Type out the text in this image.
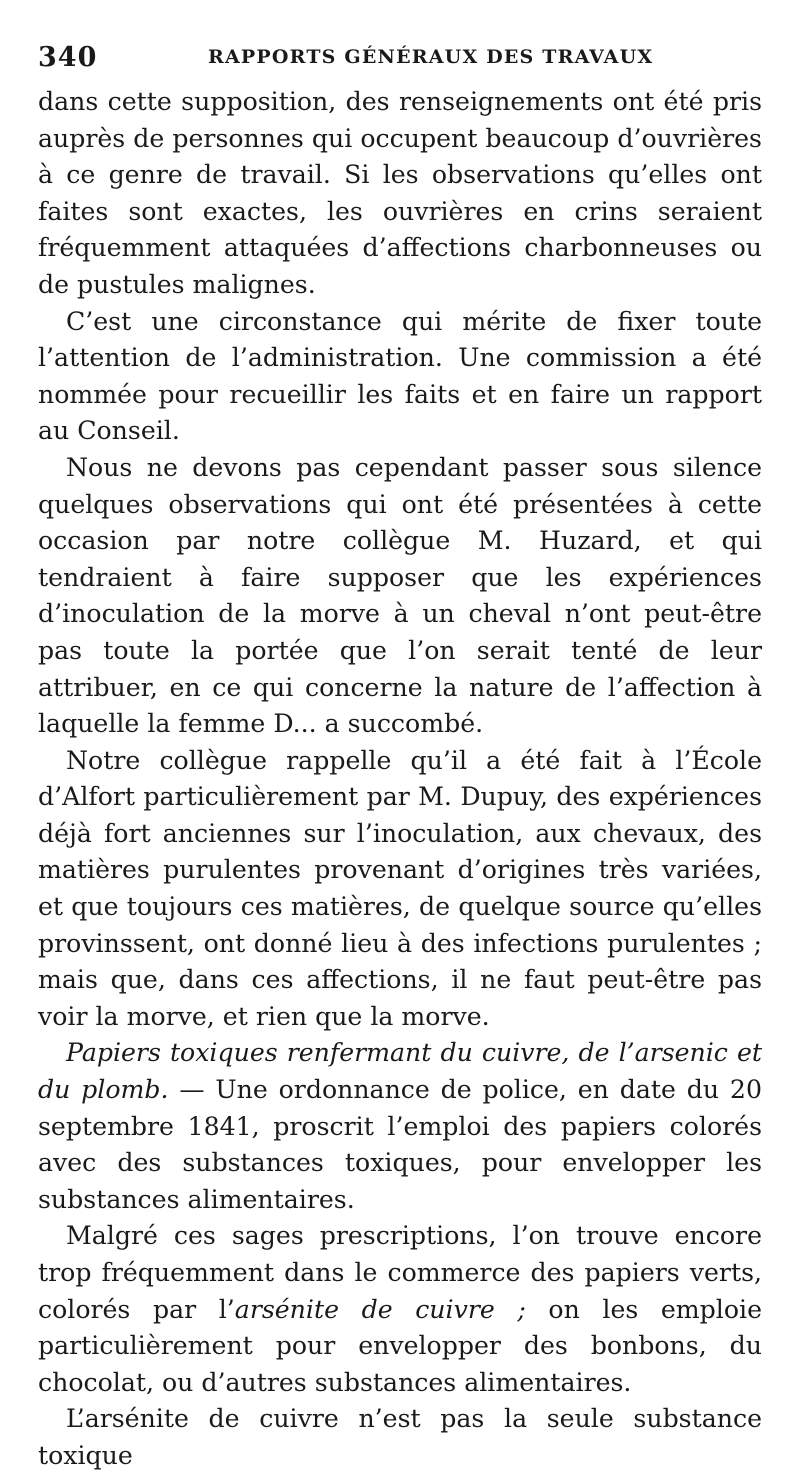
340	RAPPORTS GÉNÉRAUX DES TRAVAUX

dans cette supposition, des renseignements ont été pris auprès de personnes qui occupent beaucoup d’ouvrières à ce genre de travail. Si les observations qu’elles ont faites sont exactes, les ouvrières en crins seraient fréquemment attaquées d’affections charbonneuses ou de pustules malignes.

C’est une circonstance qui mérite de fixer toute l’attention de l’administration. Une commission a été nommée pour recueillir les faits et en faire un rapport au Conseil.

Nous ne devons pas cependant passer sous silence quelques observations qui ont été présentées à cette occasion par notre collègue M. Huzard, et qui tendraient à faire supposer que les expériences d’inoculation de la morve à un cheval n’ont peut-être pas toute la portée que l’on serait tenté de leur attribuer, en ce qui concerne la nature de l’affection à laquelle la femme D... a succombé.

Notre collègue rappelle qu’il a été fait à l’École d’Alfort particulièrement par M. Dupuy, des expériences déjà fort anciennes sur l’inoculation, aux chevaux, des matières purulentes provenant d’origines très variées, et que toujours ces matières, de quelque source qu’elles provinssent, ont donné lieu à des infections purulentes ; mais que, dans ces affections, il ne faut peut-être pas voir la morve, et rien que la morve.

Papiers toxiques renfermant du cuivre, de l’arsenic et du plomb. — Une ordonnance de police, en date du 20 septembre 1841, proscrit l’emploi des papiers colorés avec des substances toxiques, pour envelopper les substances alimentaires.

Malgré ces sages prescriptions, l’on trouve encore trop fréquemment dans le commerce des papiers verts, colorés par l’arsénite de cuivre ; on les emploie particulièrement pour envelopper des bonbons, du chocolat, ou d’autres substances alimentaires.

L’arsénite de cuivre n’est pas la seule substance toxique
